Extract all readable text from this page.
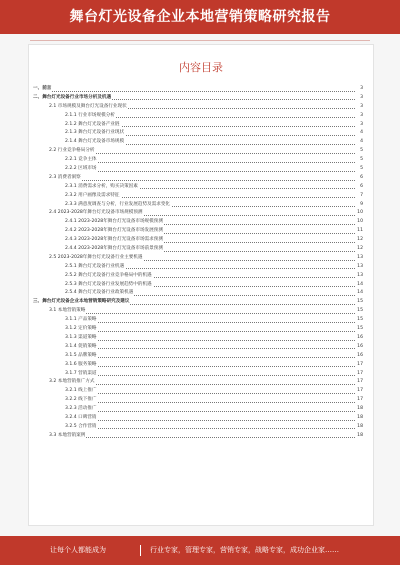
舞台灯光设备企业本地营销策略研究报告
内容目录
一、前言	3
二、舞台灯光设备行业市场分析及机遇	3
2.1 市场规模及舞台灯光设备行业现状	3
2.1.1 行业市场规模分析	3
2.1.2 舞台灯光设备产业链	3
2.1.3 舞台灯光设备行业现状	4
2.1.4 舞台灯光设备市场规模	4
2.2 行业竞争格局分析	5
2.2.1 竞争主体	5
2.2.2 区域市场	5
2.3 消费者洞察	6
2.3.1 消费需求分析，购买决策因素	6
2.3.2 用户画像及需求特征	7
2.3.3 满意度调查与分析，行业发展趋势及需求变化	9
2.4 2023-2028年舞台灯光设备市场规模预测	10
2.4.1 2023-2028年舞台灯光设备市场规模预测	10
2.4.2 2023-2028年舞台灯光设备市场发展预测	11
2.4.3 2023-2028年舞台灯光设备市场需求预测	12
2.4.4 2023-2028年舞台灯光设备市场前景预测	12
2.5 2023-2028年舞台灯光设备行业主要机遇	13
2.5.1 舞台灯光设备行业机遇	13
2.5.2 舞台灯光设备行业竞争格局中的机遇	13
2.5.3 舞台灯光设备行业发展趋势中的机遇	14
2.5.4 舞台灯光设备行业政策机遇	14
三、舞台灯光设备企业本地营销策略研究及建议	15
3.1 本地营销策略	15
3.1.1 产品策略	15
3.1.2 定价策略	15
3.1.3 渠道策略	16
3.1.4 促销策略	16
3.1.5 品牌策略	16
3.1.6 服务策略	17
3.1.7 营销渠道	17
3.2 本地营销推广方式	17
3.2.1 线上推广	17
3.2.2 线下推广	17
3.2.3 活动推广	18
3.2.4 口碑营销	18
3.2.5 合作营销	18
3.3 本地营销案例	18
让每个人都能成为	行业专家，管理专家，营销专家，战略专家，成功企业家……
